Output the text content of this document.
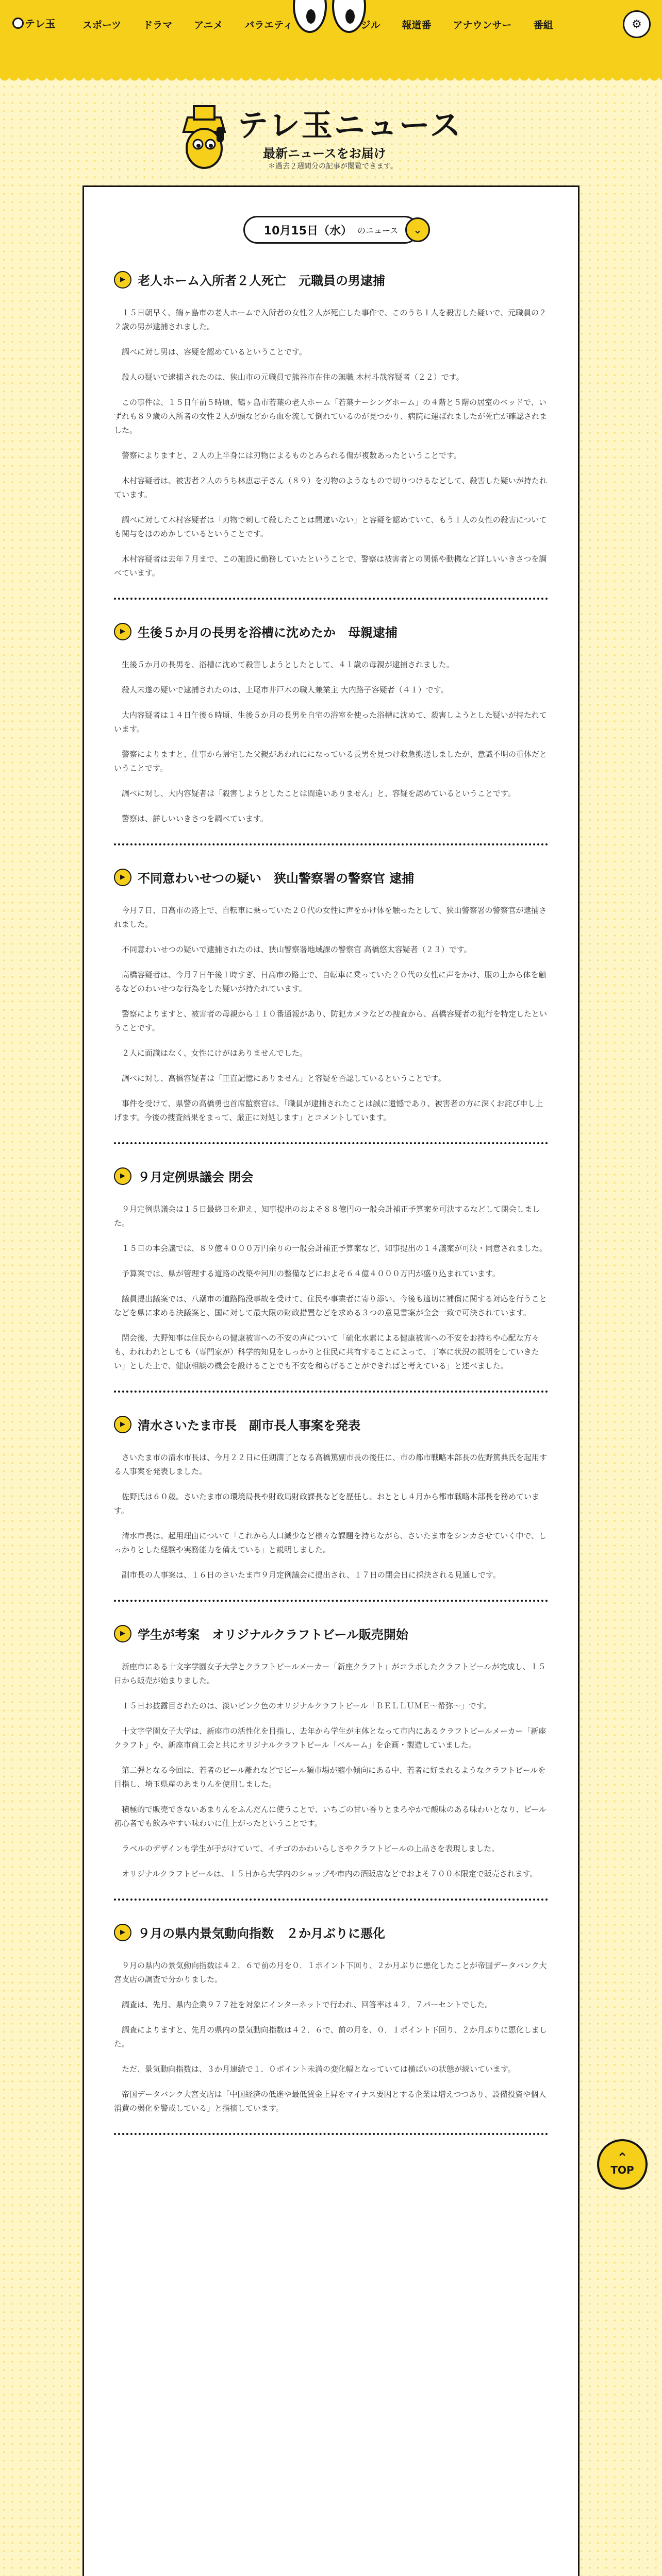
テレ玉	スポーツ ドラマ アニメ バラエティ	ジル 報道番 アナウンサー 番組	⚙
テレ玉ニュース
最新ニュースをお届け
＊過去２週間分の記事が閲覧できます。
10月15日（水） のニュース	⌄
▶	老人ホーム入所者２人死亡　元職員の男逮捕

１５日朝早く、鶴ヶ島市の老人ホームで入所者の女性２人が死亡した事件で、このうち１人を殺害した疑いで、元職員の２２歳の男が逮捕されました。

調べに対し男は、容疑を認めているということです。

殺人の疑いで逮捕されたのは、狭山市の元職員で熊谷市在住の無職 木村斗哉容疑者（２２）です。

この事件は、１５日午前５時頃、鶴ヶ島市若葉の老人ホーム「若葉ナーシングホーム」の４階と５階の居室のベッドで、いずれも８９歳の入所者の女性２人が頭などから血を流して倒れているのが見つかり、病院に運ばれましたが死亡が確認されました。

警察によりますと、２人の上半身には刃物によるものとみられる傷が複数あったということです。

木村容疑者は、被害者２人のうち林恵志子さん（８９）を刃物のようなもので切りつけるなどして、殺害した疑いが持たれています。

調べに対して木村容疑者は「刃物で刺して殺したことは間違いない」と容疑を認めていて、もう１人の女性の殺害についても関与をほのめかしているということです。

木村容疑者は去年７月まで、この施設に勤務していたということで、警察は被害者との関係や動機など詳しいいきさつを調べています。

▶	生後５か月の長男を浴槽に沈めたか　母親逮捕

生後５か月の長男を、浴槽に沈めて殺害しようとしたとして、４１歳の母親が逮捕されました。

殺人未遂の疑いで逮捕されたのは、上尾市井戸木の職人兼業主 大内路子容疑者（４１）です。

大内容疑者は１４日午後６時頃、生後５か月の長男を自宅の浴室を使った浴槽に沈めて、殺害しようとした疑いが持たれています。

警察によりますと、仕事から帰宅した父親があわれにになっている長男を見つけ救急搬送しましたが、意識不明の重体だということです。

調べに対し、大内容疑者は「殺害しようとしたことは間違いありません」と、容疑を認めているということです。

警察は、詳しいいきさつを調べています。

▶	不同意わいせつの疑い　狭山警察署の警察官 逮捕

今月７日、日高市の路上で、自転車に乗っていた２０代の女性に声をかけ体を触ったとして、狭山警察署の警察官が逮捕されました。

不同意わいせつの疑いで逮捕されたのは、狭山警察署地域課の警察官 高橋悠太容疑者（２３）です。

高橋容疑者は、今月７日午後１時すぎ、日高市の路上で、自転車に乗っていた２０代の女性に声をかけ、服の上から体を触るなどのわいせつな行為をした疑いが持たれています。

警察によりますと、被害者の母親から１１０番通報があり、防犯カメラなどの捜査から、高橋容疑者の犯行を特定したということです。

２人に面識はなく、女性にけがはありませんでした。

調べに対し、高橋容疑者は「正直記憶にありません」と容疑を否認しているということです。

事件を受けて、県警の高橋勇也首席監察官は、「職員が逮捕されたことは誠に遺憾であり、被害者の方に深くお詫び申し上げます。今後の捜査結果をまって、厳正に対処します」とコメントしています。

▶	９月定例県議会 閉会

９月定例県議会は１５日最終日を迎え、知事提出のおよそ８８億円の一般会計補正予算案を可決するなどして閉会しました。

１５日の本会議では、８９億４０００万円余りの一般会計補正予算案など、知事提出の１４議案が可決・同意されました。

予算案では、県が管理する道路の改築や河川の整備などにおよそ６４億４０００万円が盛り込まれています。

議員提出議案では、八潮市の道路陥没事故を受けて、住民や事業者に寄り添い、今後も適切に補償に関する対応を行うことなどを県に求める決議案と、国に対して最大限の財政措置などを求める３つの意見書案が全会一致で可決されています。

閉会後、大野知事は住民からの健康被害への不安の声について「硫化水素による健康被害への不安をお持ちや心配な方々も、われわれとしても（専門家が）科学的知見をしっかりと住民に共有することによって、丁寧に状況の説明をしていきたい」とした上で、健康相談の機会を設けることでも不安を和らげることができればと考えている」と述べました。

▶	清水さいたま市長　副市長人事案を発表

さいたま市の清水市長は、今月２２日に任期満了となる高橋篤副市長の後任に、市の都市戦略本部長の佐野篤典氏を起用する人事案を発表しました。

佐野氏は６０歳。さいたま市の環境局長や財政局財政課長などを歴任し、おととし４月から都市戦略本部長を務めています。

清水市長は、起用理由について「これから人口減少など様々な課題を持ちながら、さいたま市をシンカさせていく中で、しっかりとした経験や実務能力を備えている」と説明しました。

副市長の人事案は、１６日のさいたま市９月定例議会に提出され、１７日の閉会日に採決される見通しです。

▶	学生が考案　オリジナルクラフトビール販売開始

新座市にある十文字学園女子大学とクラフトビールメーカー「新座クラフト」がコラボしたクラフトビールが完成し、１５日から販売が始まりました。

１５日お披露目されたのは、淡いピンク色のオリジナルクラフトビール「ＢＥＬＬＵＭＥ〜希弥〜」です。

十文字学園女子大学は、新座市の活性化を目指し、去年から学生が主体となって市内にあるクラフトビールメーカー「新座クラフト」や、新座市商工会と共にオリジナルクラフトビール「ベルーム」を企画・製造していました。

第二弾となる今回は、若者のビール離れなどでビール類市場が縮小傾向にある中、若者に好まれるようなクラフトビールを目指し、埼玉県産のあまりんを使用しました。

積極的で販売できないあまりんをふんだんに使うことで、いちごの甘い香りとまろやかで酸味のある味わいとなり、ビール初心者でも飲みやすい味わいに仕上がったということです。

ラベルのデザインも学生が手がけていて、イチゴのかわいらしさやクラフトビールの上品さを表現しました。

オリジナルクラフトビールは、１５日から大学内のショップや市内の酒販店などでおよそ７００本限定で販売されます。

▶	９月の県内景気動向指数　２か月ぶりに悪化

９月の県内の景気動向指数は４２．６で前の月を０．１ポイント下回り、２か月ぶりに悪化したことが帝国データバンク大宮支店の調査で分かりました。

調査は、先月、県内企業９７７社を対象にインターネットで行われ、回答率は４２．７パーセントでした。

調査によりますと、先月の県内の景気動向指数は４２．６で、前の月を、０．１ポイント下回り、２か月ぶりに悪化しました。

ただ、景気動向指数は、３か月連続で１．０ポイント未満の変化幅となっていては横ばいの状態が続いています。

帝国データバンク大宮支店は「中国経済の低迷や最低賃金上昇をマイナス要因とする企業は増えつつあり、設備投資や個人消費の弱化を警戒している」と指摘しています。

⌃
TOP
